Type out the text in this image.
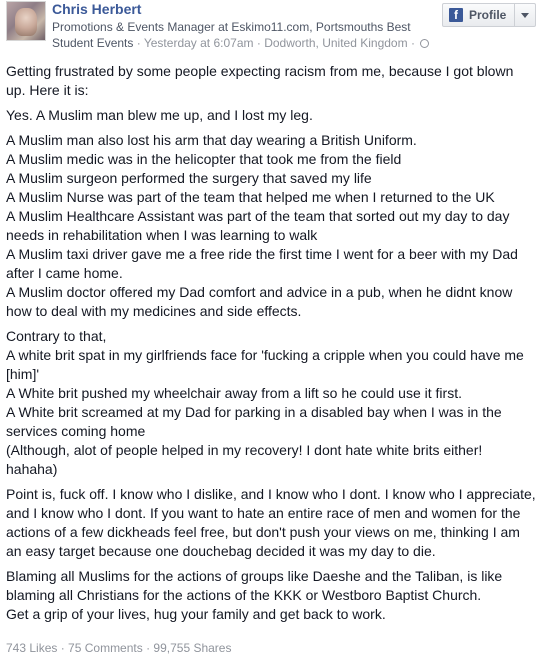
Chris Herbert
Promotions & Events Manager at Eskimo11.com, Portsmouths Best
Student Events · Yesterday at 6:07am · Dodworth, United Kingdom ·
f Profile

Getting frustrated by some people expecting racism from me, because I got blown up. Here it is:

Yes. A Muslim man blew me up, and I lost my leg.

A Muslim man also lost his arm that day wearing a British Uniform.
A Muslim medic was in the helicopter that took me from the field
A Muslim surgeon performed the surgery that saved my life
A Muslim Nurse was part of the team that helped me when I returned to the UK
A Muslim Healthcare Assistant was part of the team that sorted out my day to day needs in rehabilitation when I was learning to walk
A Muslim taxi driver gave me a free ride the first time I went for a beer with my Dad after I came home.
A Muslim doctor offered my Dad comfort and advice in a pub, when he didnt know how to deal with my medicines and side effects.

Contrary to that,
A white brit spat in my girlfriends face for 'fucking a cripple when you could have me [him]'
A White brit pushed my wheelchair away from a lift so he could use it first.
A White brit screamed at my Dad for parking in a disabled bay when I was in the services coming home
(Although, alot of people helped in my recovery! I dont hate white brits either! hahaha)

Point is, fuck off. I know who I dislike, and I know who I dont. I know who I appreciate, and I know who I dont. If you want to hate an entire race of men and women for the actions of a few dickheads feel free, but don't push your views on me, thinking I am an easy target because one douchebag decided it was my day to die.

Blaming all Muslims for the actions of groups like Daeshe and the Taliban, is like blaming all Christians for the actions of the KKK or Westboro Baptist Church.
Get a grip of your lives, hug your family and get back to work.

743 Likes · 75 Comments · 99,755 Shares
